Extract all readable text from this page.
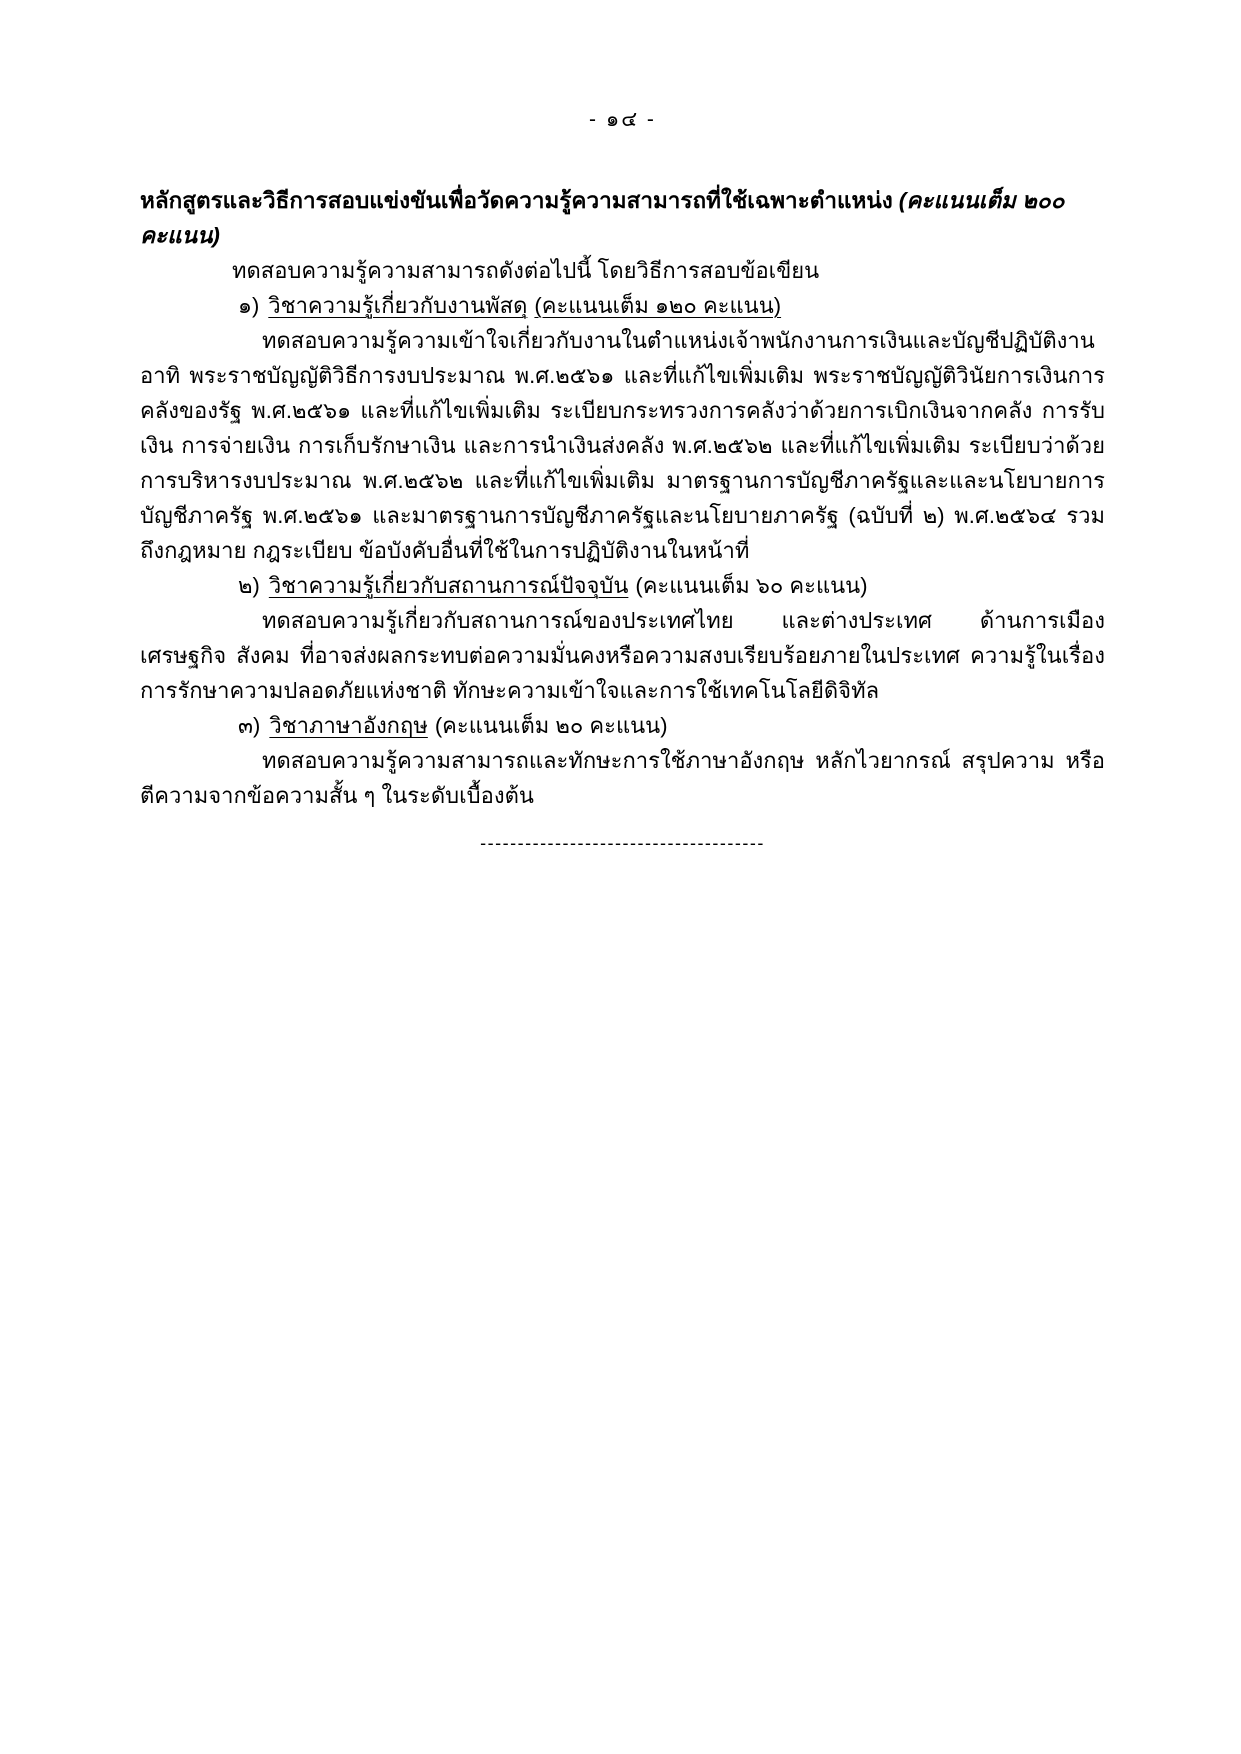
- ๑๔ -
หลักสูตรและวิธีการสอบแข่งขันเพื่อวัดความรู้ความสามารถที่ใช้เฉพาะตำแหน่ง (คะแนนเต็ม ๒๐๐ คะแนน)

ทดสอบความรู้ความสามารถดังต่อไปนี้ โดยวิธีการสอบข้อเขียน

๑) วิชาความรู้เกี่ยวกับงานพัสดุ (คะแนนเต็ม ๑๒๐ คะแนน)

ทดสอบความรู้ความเข้าใจเกี่ยวกับงานในตำแหน่งเจ้าพนักงานการเงินและบัญชีปฏิบัติงาน อาทิ พระราชบัญญัติวิธีการงบประมาณ พ.ศ.๒๕๖๑ และที่แก้ไขเพิ่มเติม พระราชบัญญัติวินัยการเงินการคลังของรัฐ พ.ศ.๒๕๖๑ และที่แก้ไขเพิ่มเติม ระเบียบกระทรวงการคลังว่าด้วยการเบิกเงินจากคลัง การรับเงิน การจ่ายเงิน การเก็บรักษาเงิน และการนำเงินส่งคลัง พ.ศ.๒๕๖๒ และที่แก้ไขเพิ่มเติม ระเบียบว่าด้วยการบริหารงบประมาณ พ.ศ.๒๕๖๒ และที่แก้ไขเพิ่มเติม มาตรฐานการบัญชีภาครัฐและและนโยบายการบัญชีภาครัฐ พ.ศ.๒๕๖๑ และมาตรฐานการบัญชีภาครัฐและนโยบายภาครัฐ (ฉบับที่ ๒) พ.ศ.๒๕๖๔ รวมถึงกฎหมาย กฎระเบียบ ข้อบังคับอื่นที่ใช้ในการปฏิบัติงานในหน้าที่

๒) วิชาความรู้เกี่ยวกับสถานการณ์ปัจจุบัน (คะแนนเต็ม ๖๐ คะแนน)

ทดสอบความรู้เกี่ยวกับสถานการณ์ของประเทศไทย และต่างประเทศ ด้านการเมือง เศรษฐกิจ สังคม ที่อาจส่งผลกระทบต่อความมั่นคงหรือความสงบเรียบร้อยภายในประเทศ ความรู้ในเรื่องการรักษาความปลอดภัยแห่งชาติ ทักษะความเข้าใจและการใช้เทคโนโลยีดิจิทัล

๓) วิชาภาษาอังกฤษ (คะแนนเต็ม ๒๐ คะแนน)

ทดสอบความรู้ความสามารถและทักษะการใช้ภาษาอังกฤษ หลักไวยากรณ์ สรุปความ หรือตีความจากข้อความสั้น ๆ ในระดับเบื้องต้น

--------------------------------------
